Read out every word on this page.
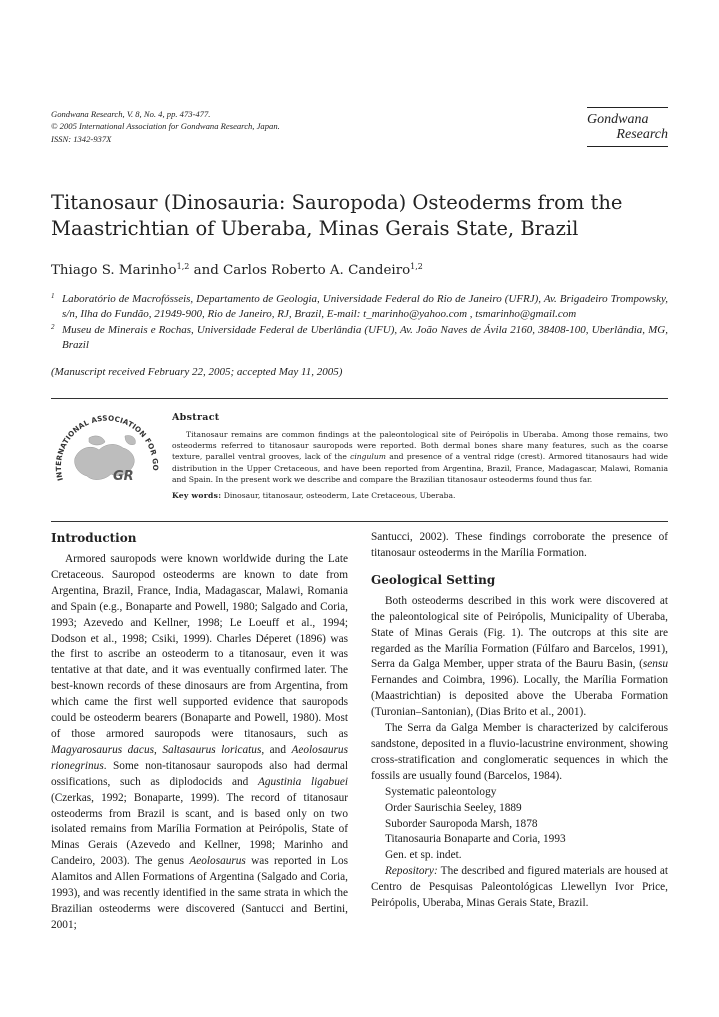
Gondwana Research, V. 8, No. 4, pp. 473-477.
© 2005 International Association for Gondwana Research, Japan.
ISSN: 1342-937X
Gondwana
Research
Titanosaur (Dinosauria: Sauropoda) Osteoderms from the
Maastrichtian of Uberaba, Minas Gerais State, Brazil
Thiago S. Marinho$^{1,2}$ and Carlos Roberto A. Candeiro$^{1,2}$
1 Laboratório de Macrofósseis, Departamento de Geologia, Universidade Federal do Rio de Janeiro (UFRJ), Av. Brigadeiro Trompowsky, s/n, Ilha do Fundão, 21949-900, Rio de Janeiro, RJ, Brazil, E-mail: t_marinho@yahoo.com , tsmarinho@gmail.com
2 Museu de Minerais e Rochas, Universidade Federal de Uberlândia (UFU), Av. João Naves de Ávila 2160, 38408-100, Uberlândia, MG, Brazil
(Manuscript received February 22, 2005; accepted May 11, 2005)
INTERNATIONAL ASSOCIATION FOR GO
GR
Abstract
Titanosaur remains are common findings at the paleontological site of Peirópolis in Uberaba. Among those remains, two osteoderms referred to titanosaur sauropods were reported. Both dermal bones share many features, such as the coarse texture, parallel ventral grooves, lack of the cingulum and presence of a ventral ridge (crest). Armored titanosaurs had wide distribution in the Upper Cretaceous, and have been reported from Argentina, Brazil, France, Madagascar, Malawi, Romania and Spain. In the present work we describe and compare the Brazilian titanosaur osteoderms found thus far.
Key words: Dinosaur, titanosaur, osteoderm, Late Cretaceous, Uberaba.
Introduction
Armored sauropods were known worldwide during the Late Cretaceous. Sauropod osteoderms are known to date from Argentina, Brazil, France, India, Madagascar, Malawi, Romania and Spain (e.g., Bonaparte and Powell, 1980; Salgado and Coria, 1993; Azevedo and Kellner, 1998; Le Loeuff et al., 1994; Dodson et al., 1998; Csiki, 1999). Charles Déperet (1896) was the first to ascribe an osteoderm to a titanosaur, even it was tentative at that date, and it was eventually confirmed later. The best-known records of these dinosaurs are from Argentina, from which came the first well supported evidence that sauropods could be osteoderm bearers (Bonaparte and Powell, 1980). Most of those armored sauropods were titanosaurs, such as Magyarosaurus dacus, Saltasaurus loricatus, and Aeolosaurus rionegrinus. Some non-titanosaur sauropods also had dermal ossifications, such as diplodocids and Agustinia ligabuei (Czerkas, 1992; Bonaparte, 1999). The record of titanosaur osteoderms from Brazil is scant, and is based only on two isolated remains from Marília Formation at Peirópolis, State of Minas Gerais (Azevedo and Kellner, 1998; Marinho and Candeiro, 2003). The genus Aeolosaurus was reported in Los Alamitos and Allen Formations of Argentina (Salgado and Coria, 1993), and was recently identified in the same strata in which the Brazilian osteoderms were discovered (Santucci and Bertini, 2001;
Santucci, 2002). These findings corroborate the presence of titanosaur osteoderms in the Marília Formation.
Geological Setting
Both osteoderms described in this work were discovered at the paleontological site of Peirópolis, Municipality of Uberaba, State of Minas Gerais (Fig. 1). The outcrops at this site are regarded as the Marília Formation (Fúlfaro and Barcelos, 1991), Serra da Galga Member, upper strata of the Bauru Basin, (sensu Fernandes and Coimbra, 1996). Locally, the Marília Formation (Maastrichtian) is deposited above the Uberaba Formation (Turonian–Santonian), (Dias Brito et al., 2001).
The Serra da Galga Member is characterized by calciferous sandstone, deposited in a fluvio-lacustrine environment, showing cross-stratification and conglomeratic sequences in which the fossils are usually found (Barcelos, 1984).
Systematic paleontology
Order Saurischia Seeley, 1889
Suborder Sauropoda Marsh, 1878
Titanosauria Bonaparte and Coria, 1993
Gen. et sp. indet.
Repository: The described and figured materials are housed at Centro de Pesquisas Paleontológicas Llewellyn Ivor Price, Peirópolis, Uberaba, Minas Gerais State, Brazil.
